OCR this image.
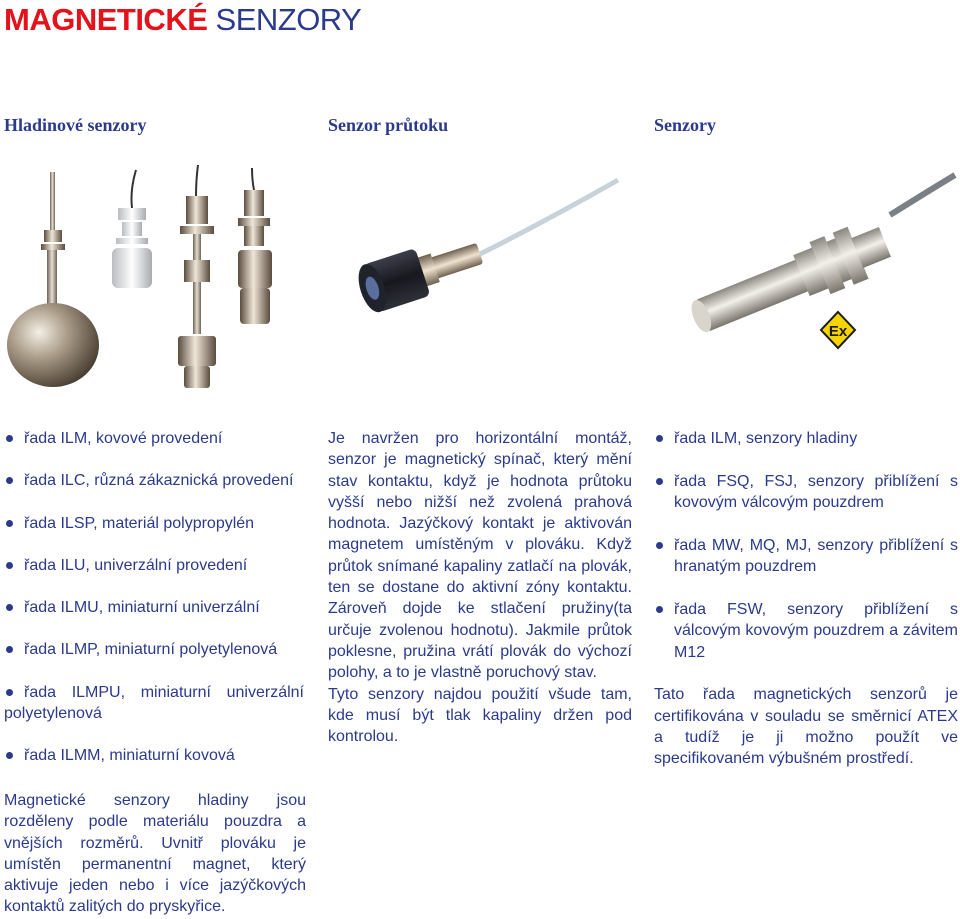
MAGNETICKÉ SENZORY
Hladinové senzory	Senzor průtoku	Senzory
Ex
řada ILM, kovové provedení
řada ILC, různá zákaznická provedení
řada ILSP, materiál polypropylén
řada ILU, univerzální provedení
řada ILMU, miniaturní univerzální
řada ILMP, miniaturní polyetylenová
řada ILMPU, miniaturní univerzální polyetylenová
řada ILMM, miniaturní kovová

Magnetické senzory hladiny jsou rozděleny podle materiálu pouzdra a vnějších rozměrů. Uvnitř plováku je umístěn permanentní magnet, který aktivuje jeden nebo i více jazýčkových kontaktů zalitých do pryskyřice.

Je navržen pro horizontální montáž, senzor je magnetický spínač, který mění stav kontaktu, když je hodnota průtoku vyšší nebo nižší než zvolená prahová hodnota. Jazýčkový kontakt je aktivován magnetem umístěným v plováku. Když průtok snímané kapaliny zatlačí na plovák, ten se dostane do aktivní zóny kontaktu. Zároveň dojde ke stlačení pružiny(ta určuje zvolenou hodnotu). Jakmile průtok poklesne, pružina vrátí plovák do výchozí polohy, a to je vlastně poruchový stav.

Tyto senzory najdou použití všude tam, kde musí být tlak kapaliny držen pod kontrolou.

řada ILM, senzory hladiny
řada FSQ, FSJ, senzory přiblížení s kovovým válcovým pouzdrem
řada MW, MQ, MJ, senzory přiblížení s hranatým pouzdrem
řada FSW, senzory přiblížení s válcovým kovovým pouzdrem a závitem M12

Tato řada magnetických senzorů je certifikována v souladu se směrnicí ATEX a tudíž je ji možno použít ve specifikovaném výbušném prostředí.
